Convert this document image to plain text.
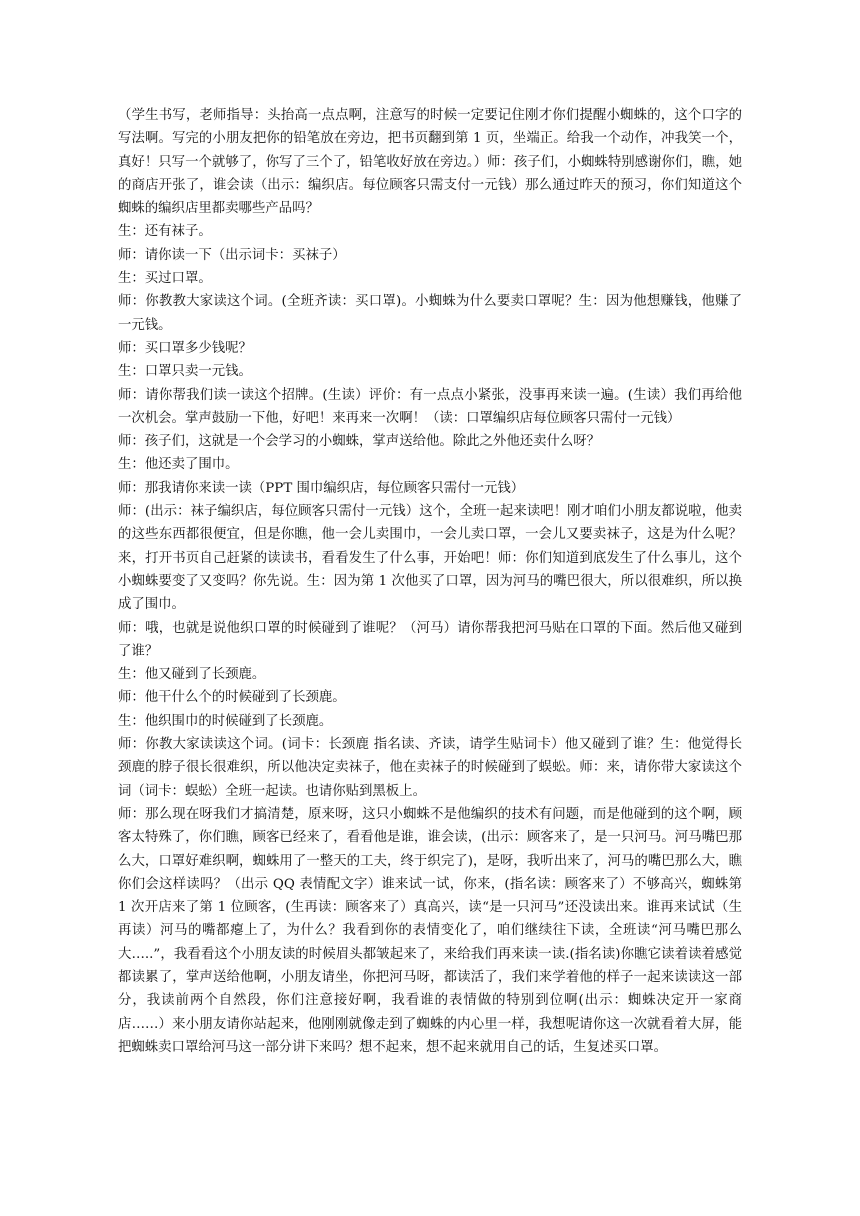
（学生书写，老师指导：头抬高一点点啊，注意写的时候一定要记住刚才你们提醒小蜘蛛的，这个口字的写法啊。写完的小朋友把你的铅笔放在旁边，把书页翻到第 1 页，坐端正。给我一个动作，冲我笑一个，真好！只写一个就够了，你写了三个了，铅笔收好放在旁边。）师：孩子们，小蜘蛛特别感谢你们，瞧，她的商店开张了，谁会读（出示：编织店。每位顾客只需支付一元钱）那么通过昨天的预习，你们知道这个蜘蛛的编织店里都卖哪些产品吗？

生：还有袜子。

师：请你读一下（出示词卡：买袜子）

生：买过口罩。

师：你教教大家读这个词。(全班齐读：买口罩)。小蜘蛛为什么要卖口罩呢？生：因为他想赚钱，他赚了一元钱。

师：买口罩多少钱呢？

生：口罩只卖一元钱。

师：请你帮我们读一读这个招牌。(生读）评价：有一点点小紧张，没事再来读一遍。(生读）我们再给他一次机会。掌声鼓励一下他，好吧！来再来一次啊！（读：口罩编织店每位顾客只需付一元钱）

师：孩子们，这就是一个会学习的小蜘蛛，掌声送给他。除此之外他还卖什么呀？

生：他还卖了围巾。

师：那我请你来读一读（PPT 围巾编织店，每位顾客只需付一元钱）

师：(出示：袜子编织店，每位顾客只需付一元钱）这个，全班一起来读吧！刚才咱们小朋友都说啦，他卖的这些东西都很便宜，但是你瞧，他一会儿卖围巾，一会儿卖口罩，一会儿又要卖袜子，这是为什么呢？来，打开书页自己赶紧的读读书，看看发生了什么事，开始吧！师：你们知道到底发生了什么事儿，这个小蜘蛛要变了又变吗？你先说。生：因为第 1 次他买了口罩，因为河马的嘴巴很大，所以很难织，所以换成了围巾。

师：哦，也就是说他织口罩的时候碰到了谁呢？（河马）请你帮我把河马贴在口罩的下面。然后他又碰到了谁？

生：他又碰到了长颈鹿。

师：他干什么个的时候碰到了长颈鹿。

生：他织围巾的时候碰到了长颈鹿。

师：你教大家读读这个词。(词卡：长颈鹿 指名读、齐读，请学生贴词卡）他又碰到了谁？生：他觉得长颈鹿的脖子很长很难织，所以他决定卖袜子，他在卖袜子的时候碰到了蜈蚣。师：来，请你带大家读这个词（词卡：蜈蚣）全班一起读。也请你贴到黑板上。

师：那么现在呀我们才搞清楚，原来呀，这只小蜘蛛不是他编织的技术有问题，而是他碰到的这个啊，顾客太特殊了，你们瞧，顾客已经来了，看看他是谁，谁会读，(出示：顾客来了，是一只河马。河马嘴巴那么大，口罩好难织啊，蜘蛛用了一整天的工夫，终于织完了)，是呀，我听出来了，河马的嘴巴那么大，瞧你们会这样读吗？（出示 QQ 表情配文字）谁来试一试，你来，(指名读：顾客来了）不够高兴，蜘蛛第 1 次开店来了第 1 位顾客，(生再读：顾客来了）真高兴，读“是一只河马”还没读出来。谁再来试试（生再读）河马的嘴都瘪上了，为什么？我看到你的表情变化了，咱们继续往下读，全班读“河马嘴巴那么大…..”，我看看这个小朋友读的时候眉头都皱起来了，来给我们再来读一读.(指名读)你瞧它读着读着感觉都读累了，掌声送给他啊，小朋友请坐，你把河马呀，都读活了，我们来学着他的样子一起来读读这一部分，我读前两个自然段，你们注意接好啊，我看谁的表情做的特别到位啊(出示：蜘蛛决定开一家商店……）来小朋友请你站起来，他刚刚就像走到了蜘蛛的内心里一样，我想呢请你这一次就看着大屏，能把蜘蛛卖口罩给河马这一部分讲下来吗？想不起来，想不起来就用自己的话，生复述买口罩。
